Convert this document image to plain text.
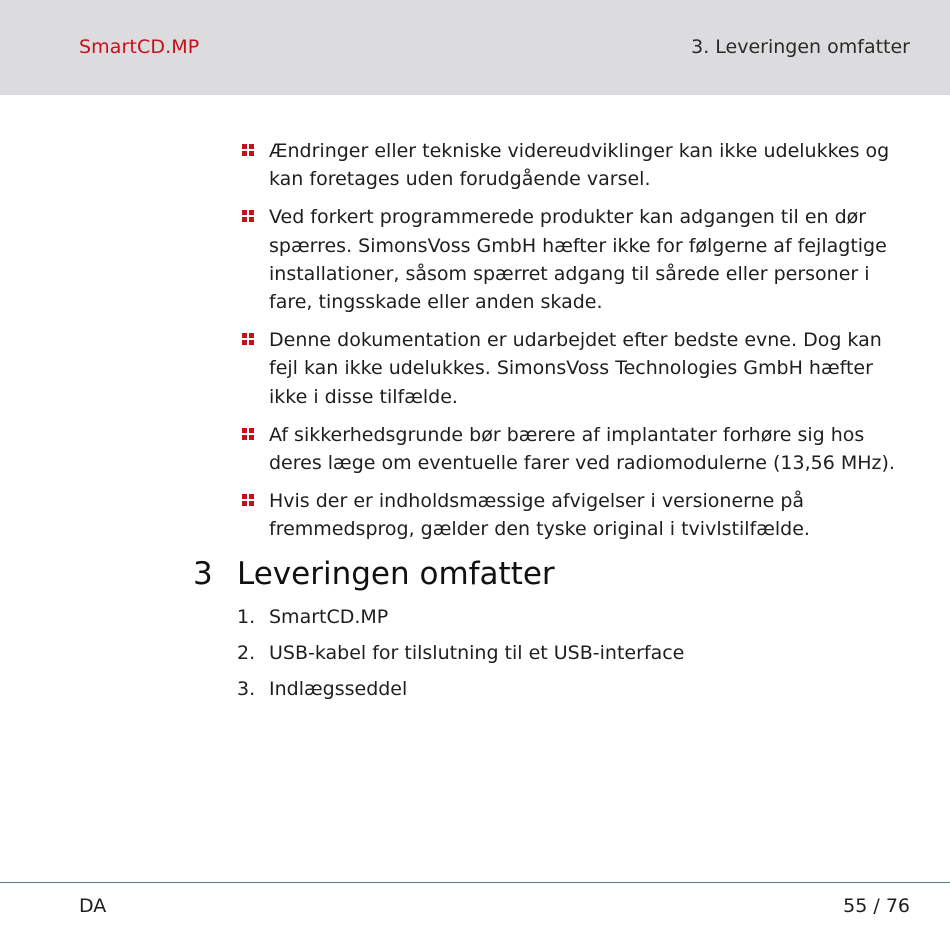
SmartCD.MP	3. Leveringen omfatter
Ændringer eller tekniske videreudviklinger kan ikke udelukkes og kan foretages uden forudgående varsel.
Ved forkert programmerede produkter kan adgangen til en dør spærres. SimonsVoss GmbH hæfter ikke for følgerne af fejlagtige installationer, såsom spærret adgang til sårede eller personer i fare, tingsskade eller anden skade.
Denne dokumentation er udarbejdet efter bedste evne. Dog kan fejl kan ikke udelukkes. SimonsVoss Technologies GmbH hæfter ikke i disse tilfælde.
Af sikkerhedsgrunde bør bærere af implantater forhøre sig hos deres læge om eventuelle farer ved radiomodulerne (13,56 MHz).
Hvis der er indholdsmæssige afvigelser i versionerne på fremmedsprog, gælder den tyske original i tvivlstilfælde.
3 Leveringen omfatter
1. SmartCD.MP
2. USB-kabel for tilslutning til et USB-interface
3. Indlægsseddel
DA	55 / 76
